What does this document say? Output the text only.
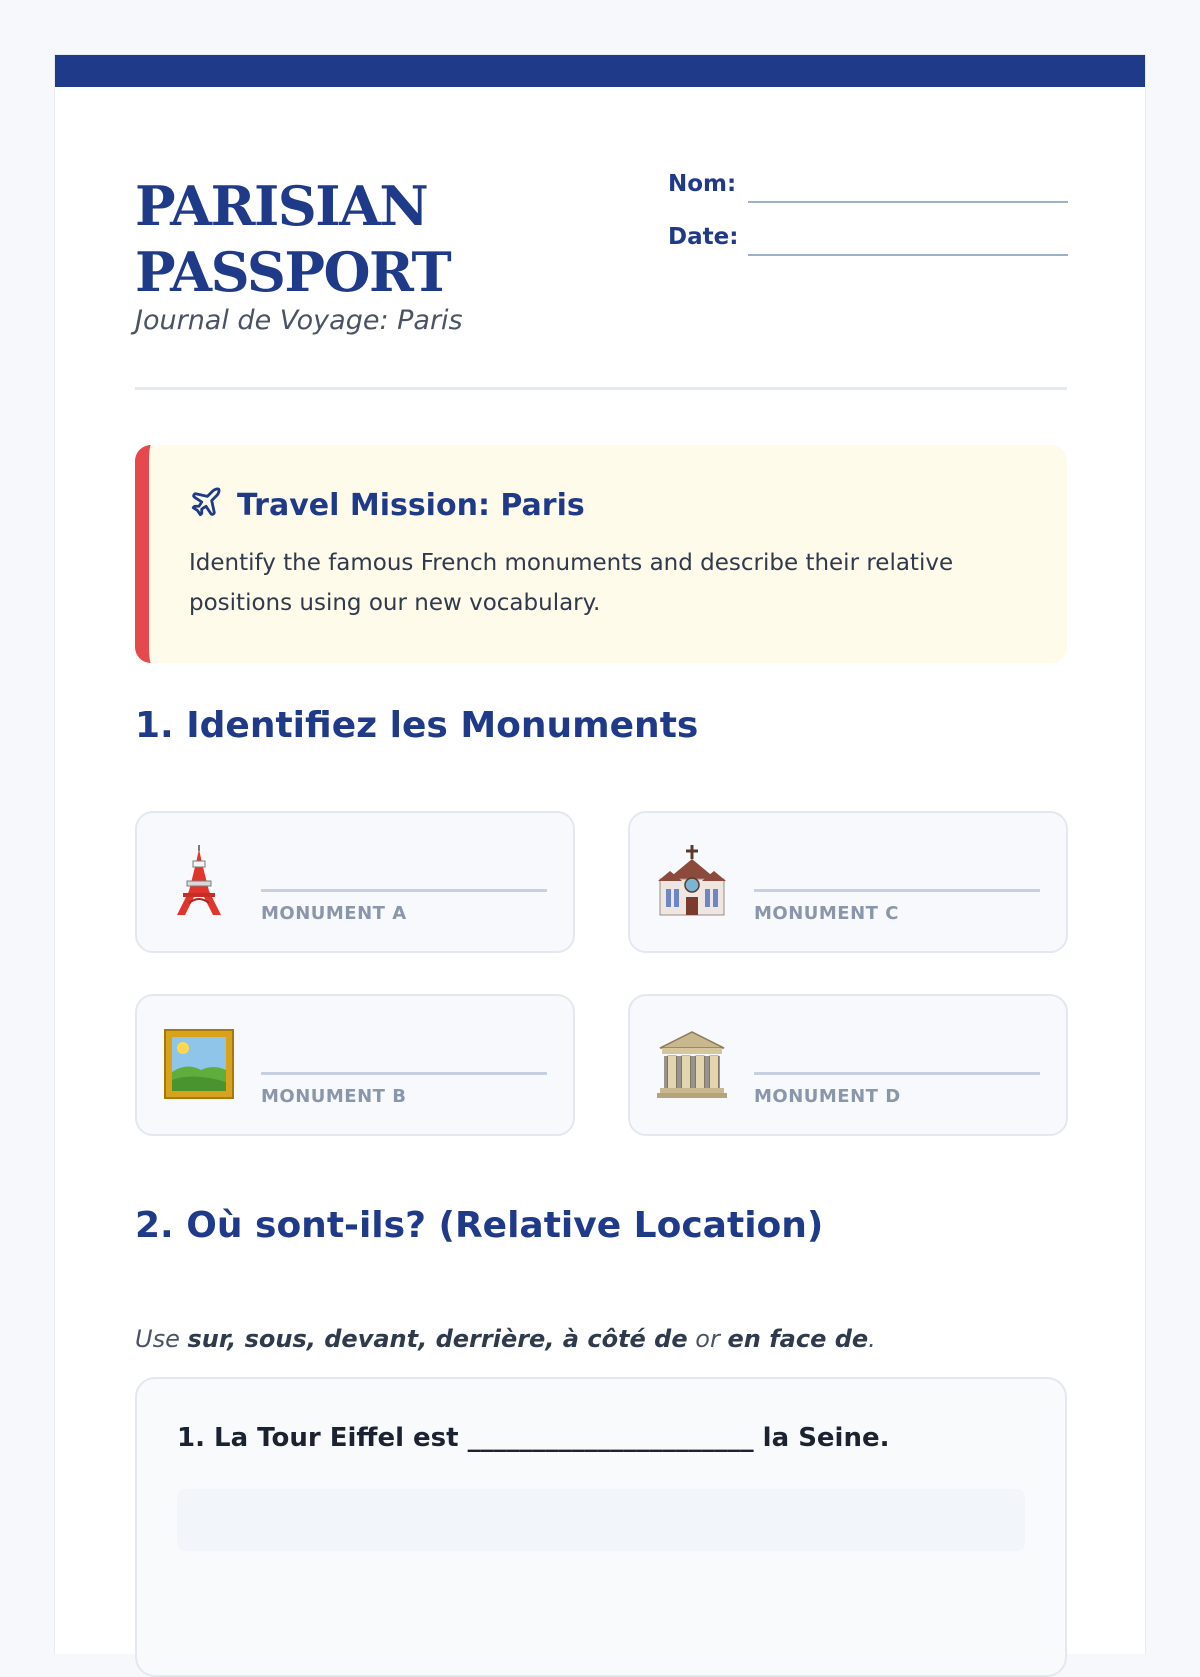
PARISIAN PASSPORT
Journal de Voyage: Paris
Nom:
Date:
Travel Mission: Paris
Identify the famous French monuments and describe their relative positions using our new vocabulary.
1. Identifiez les Monuments
MONUMENT A	MONUMENT C
MONUMENT B	MONUMENT D
2. Où sont-ils? (Relative Location)
Use sur, sous, devant, derrière, à côté de or en face de.
1. La Tour Eiffel est ______________________ la Seine.
